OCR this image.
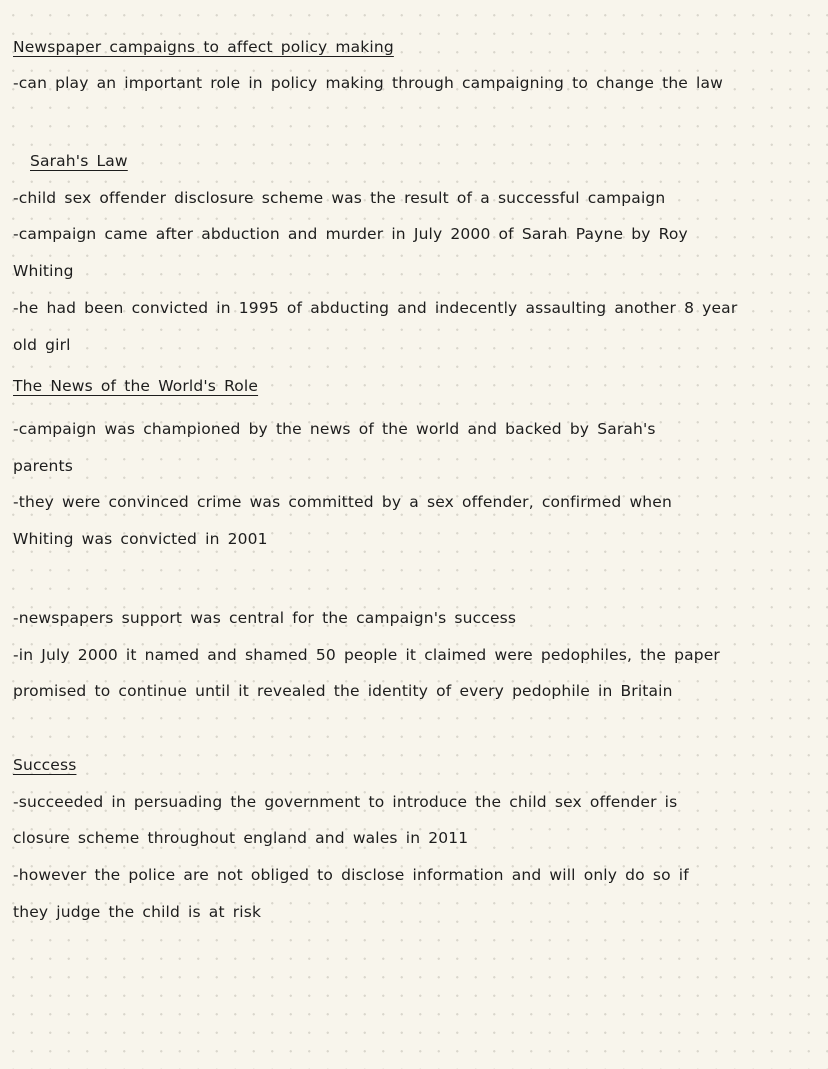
Newspaper campaigns to affect policy making
-can play an important role in policy making through campaigning to change the law
Sarah's Law
-child sex offender disclosure scheme was the result of a successful campaign
-campaign came after abduction and murder in July 2000 of Sarah Payne by Roy
Whiting
-he had been convicted in 1995 of abducting and indecently assaulting another 8 year
old girl
The News of the World's Role
-campaign was championed by the news of the world and backed by Sarah's
parents
-they were convinced crime was committed by a sex offender, confirmed when
Whiting was convicted in 2001
-newspapers support was central for the campaign's success
-in July 2000 it named and shamed 50 people it claimed were pedophiles, the paper
promised to continue until it revealed the identity of every pedophile in Britain
Success
-succeeded in persuading the government to introduce the child sex offender is
closure scheme throughout england and wales in 2011
-however the police are not obliged to disclose information and will only do so if
they judge the child is at risk
